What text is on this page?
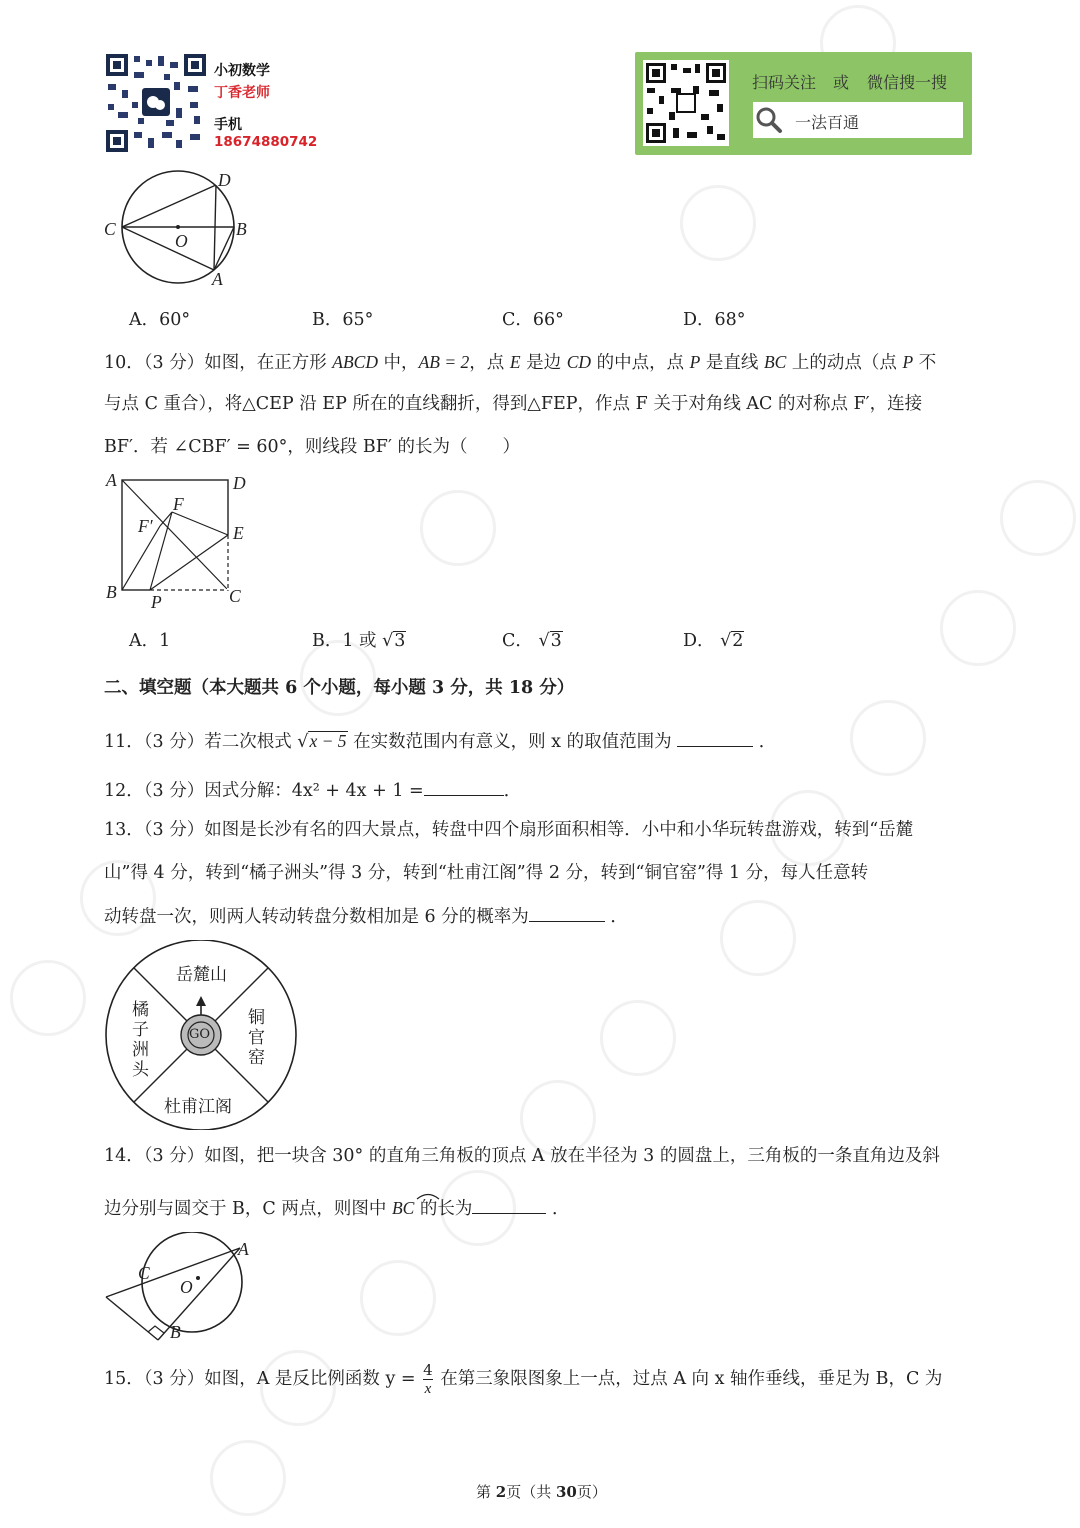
小初数学
丁香老师
手机
18674880742
扫码关注 或 微信搜一搜
一法百通
D
C
O
B
A
A．60°	B．65°	C．66°	D．68°
10．（3 分）如图，在正方形 ABCD 中，AB = 2，点 E 是边 CD 的中点，点 P 是直线 BC 上的动点（点 P 不
与点 C 重合），将△CEP 沿 EP 所在的直线翻折，得到△FEP，作点 F 关于对角线 AC 的对称点 F′，连接
BF′．若 ∠CBF′ = 60°，则线段 BF′ 的长为（　　）
A	D
F
F′	E
B P	C
A．1	B．1 或 √3	C． √3	D． √2
二、填空题（本大题共 6 个小题，每小题 3 分，共 18 分）
11．（3 分）若二次根式 √x − 5 在实数范围内有意义，则 x 的取值范围为	．
12．（3 分）因式分解：4x² + 4x + 1 =	．
13．（3 分）如图是长沙有名的四大景点，转盘中四个扇形面积相等．小中和小华玩转盘游戏，转到“岳麓
山”得 4 分，转到“橘子洲头”得 3 分，转到“杜甫江阁”得 2 分，转到“铜官窑”得 1 分，每人任意转
动转盘一次，则两人转动转盘分数相加是 6 分的概率为	．
岳麓山
橘子洲头
铜官窑
杜甫江阁
GO
14．（3 分）如图，把一块含 30° 的直角三角板的顶点 A 放在半径为 3 的圆盘上，三角板的一条直角边及斜
边分别与圆交于 B，C 两点，则图中 BC 的长为	．
A
C
O
B
15．（3 分）如图，A 是反比例函数 $y = \frac{4}{x}$ 在第三象限图象上一点，过点 A 向 x 轴作垂线，垂足为 B，C 为
第 2页（共 30页）
